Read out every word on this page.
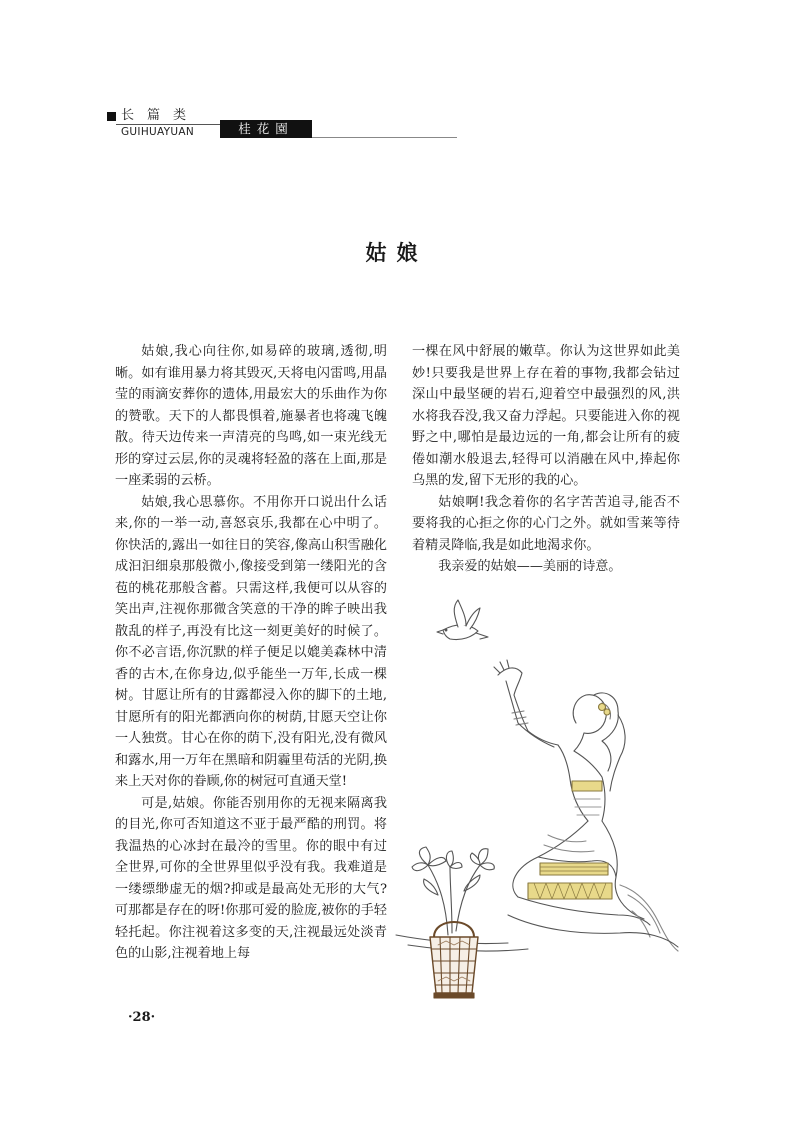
长篇类
GUIHUAYUAN	桂花園
姑娘

姑娘,我心向往你,如易碎的玻璃,透彻,明晰。如有谁用暴力将其毁灭,天将电闪雷鸣,用晶莹的雨滴安葬你的遗体,用最宏大的乐曲作为你的赞歌。天下的人都畏惧着,施暴者也将魂飞魄散。待天边传来一声清亮的鸟鸣,如一束光线无形的穿过云层,你的灵魂将轻盈的落在上面,那是一座柔弱的云桥。

姑娘,我心思慕你。不用你开口说出什么话来,你的一举一动,喜怒哀乐,我都在心中明了。你快活的,露出一如往日的笑容,像高山积雪融化成汩汩细泉那般微小,像接受到第一缕阳光的含苞的桃花那般含蓄。只需这样,我便可以从容的笑出声,注视你那微含笑意的干净的眸子映出我散乱的样子,再没有比这一刻更美好的时候了。你不必言语,你沉默的样子便足以媲美森林中清香的古木,在你身边,似乎能坐一万年,长成一棵树。甘愿让所有的甘露都浸入你的脚下的土地,甘愿所有的阳光都洒向你的树荫,甘愿天空让你一人独赏。甘心在你的荫下,没有阳光,没有微风和露水,用一万年在黑暗和阴霾里苟活的光阴,换来上天对你的眷顾,你的树冠可直通天堂!

可是,姑娘。你能否别用你的无视来隔离我的目光,你可否知道这不亚于最严酷的刑罚。将我温热的心冰封在最冷的雪里。你的眼中有过全世界,可你的全世界里似乎没有我。我难道是一缕缥缈虚无的烟?抑或是最高处无形的大气?可那都是存在的呀!你那可爱的脸庞,被你的手轻轻托起。你注视着这多变的天,注视最远处淡青色的山影,注视着地上每

一棵在风中舒展的嫩草。你认为这世界如此美妙!只要我是世界上存在着的事物,我都会钻过深山中最坚硬的岩石,迎着空中最强烈的风,洪水将我吞没,我又奋力浮起。只要能进入你的视野之中,哪怕是最边远的一角,都会让所有的疲倦如潮水般退去,轻得可以消融在风中,捧起你乌黑的发,留下无形的我的心。

姑娘啊!我念着你的名字苦苦追寻,能否不要将我的心拒之你的心门之外。就如雪莱等待着精灵降临,我是如此地渴求你。

我亲爱的姑娘——美丽的诗意。

·28·
